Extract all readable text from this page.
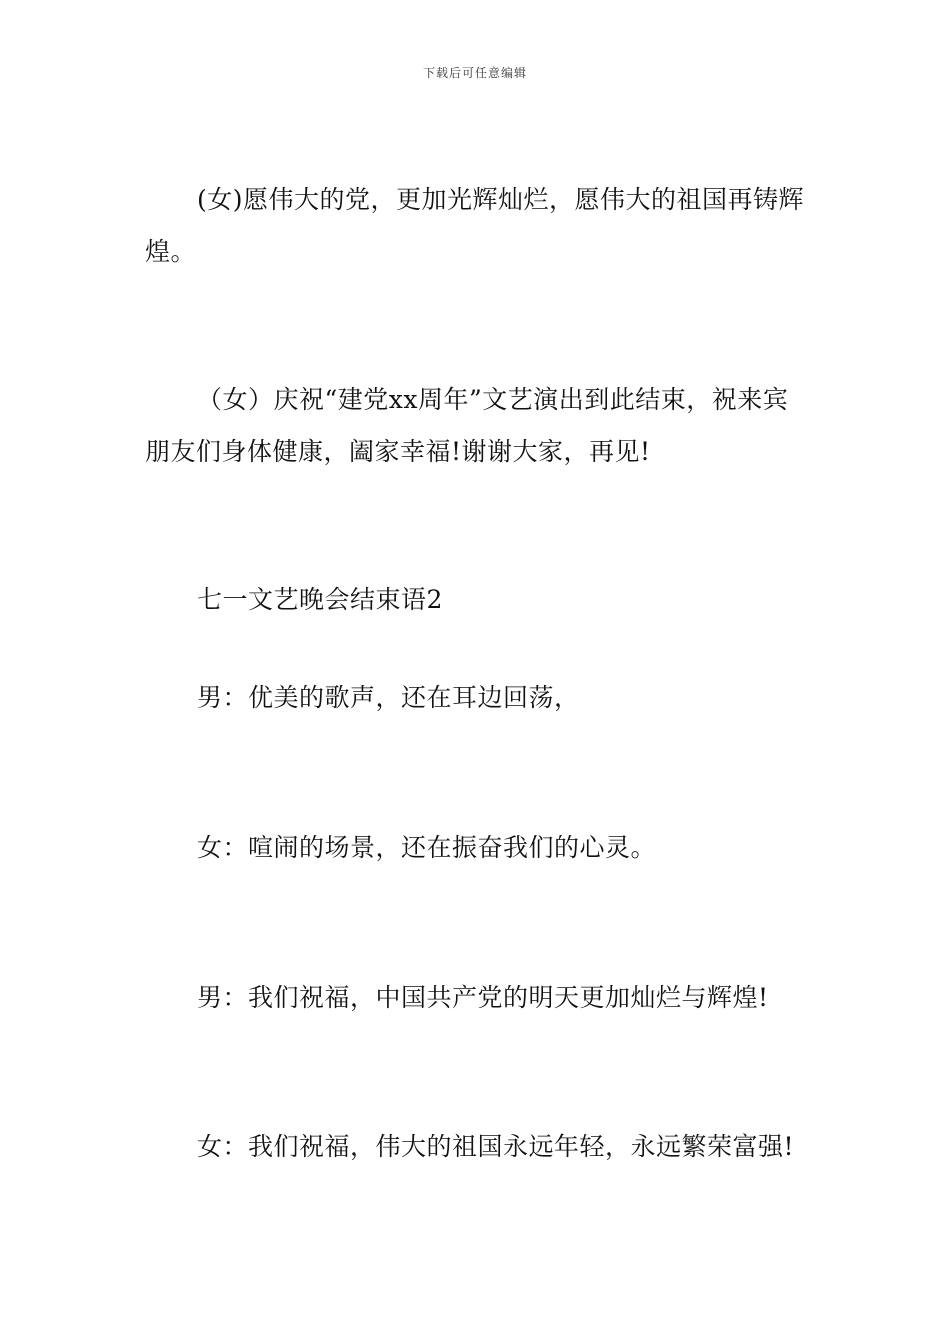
下载后可任意编辑

(女)愿伟大的党，更加光辉灿烂，愿伟大的祖国再铸辉煌。

（女）庆祝“建党xx周年”文艺演出到此结束，祝来宾朋友们身体健康，阖家幸福!谢谢大家，再见!

七一文艺晚会结束语2

男：优美的歌声，还在耳边回荡，

女：喧闹的场景，还在振奋我们的心灵。

男：我们祝福，中国共产党的明天更加灿烂与辉煌!

女：我们祝福，伟大的祖国永远年轻，永远繁荣富强!
